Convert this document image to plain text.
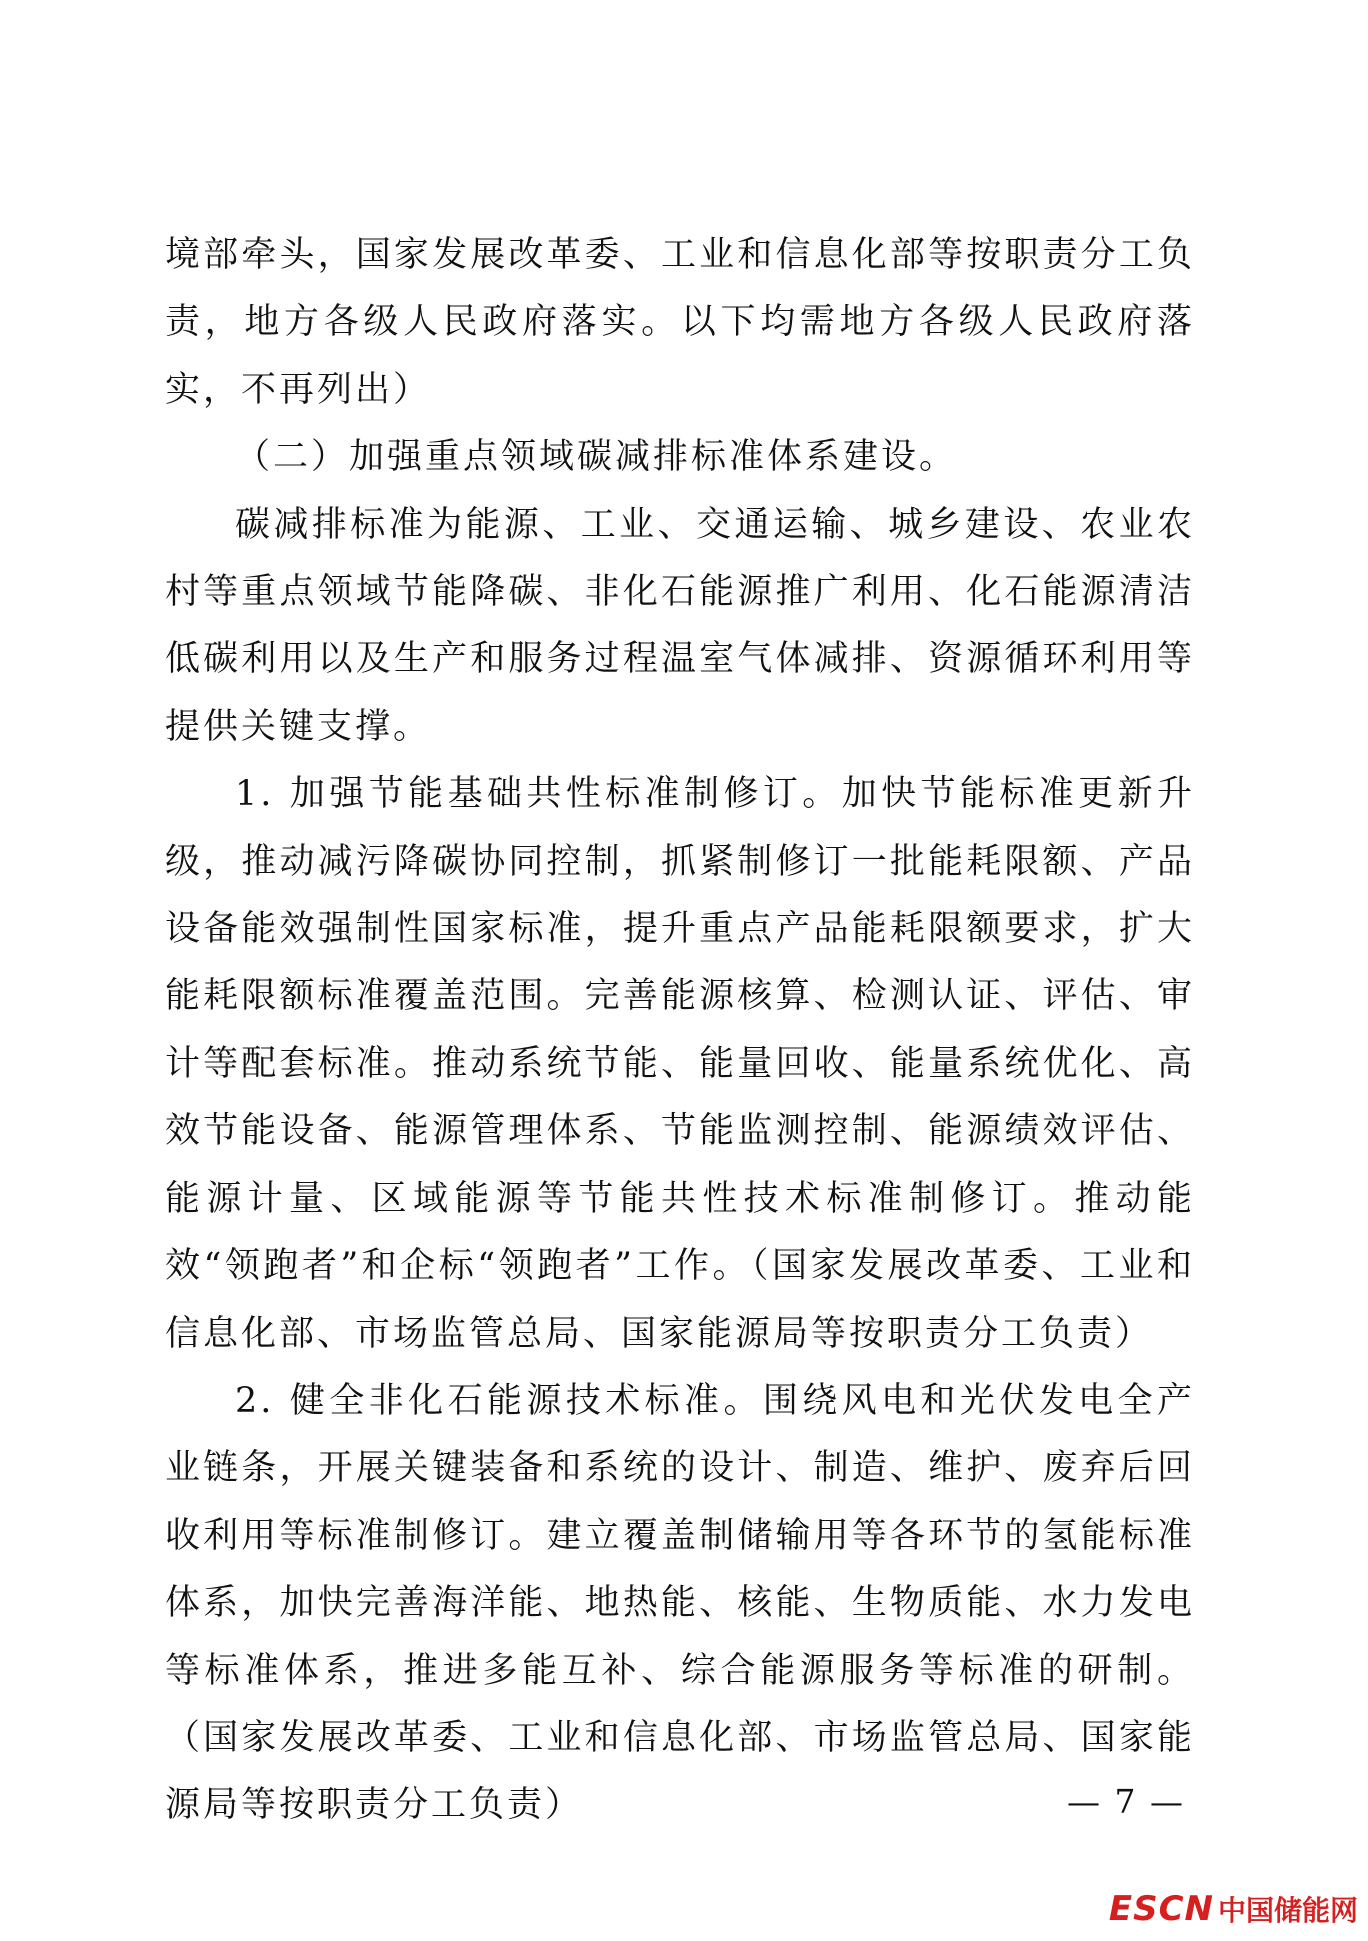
境部牵头，国家发展改革委、工业和信息化部等按职责分工负责，地方各级人民政府落实。以下均需地方各级人民政府落实，不再列出）

（二）加强重点领域碳减排标准体系建设。

碳减排标准为能源、工业、交通运输、城乡建设、农业农村等重点领域节能降碳、非化石能源推广利用、化石能源清洁低碳利用以及生产和服务过程温室气体减排、资源循环利用等提供关键支撑。

1. 加强节能基础共性标准制修订。加快节能标准更新升级，推动减污降碳协同控制，抓紧制修订一批能耗限额、产品设备能效强制性国家标准，提升重点产品能耗限额要求，扩大能耗限额标准覆盖范围。完善能源核算、检测认证、评估、审计等配套标准。推动系统节能、能量回收、能量系统优化、高效节能设备、能源管理体系、节能监测控制、能源绩效评估、能源计量、区域能源等节能共性技术标准制修订。推动能效“领跑者”和企标“领跑者”工作。（国家发展改革委、工业和信息化部、市场监管总局、国家能源局等按职责分工负责）

2. 健全非化石能源技术标准。围绕风电和光伏发电全产业链条，开展关键装备和系统的设计、制造、维护、废弃后回收利用等标准制修订。建立覆盖制储输用等各环节的氢能标准体系，加快完善海洋能、地热能、核能、生物质能、水力发电等标准体系，推进多能互补、综合能源服务等标准的研制。（国家发展改革委、工业和信息化部、市场监管总局、国家能源局等按职责分工负责）	— 7 —
ESCN 中国储能网
